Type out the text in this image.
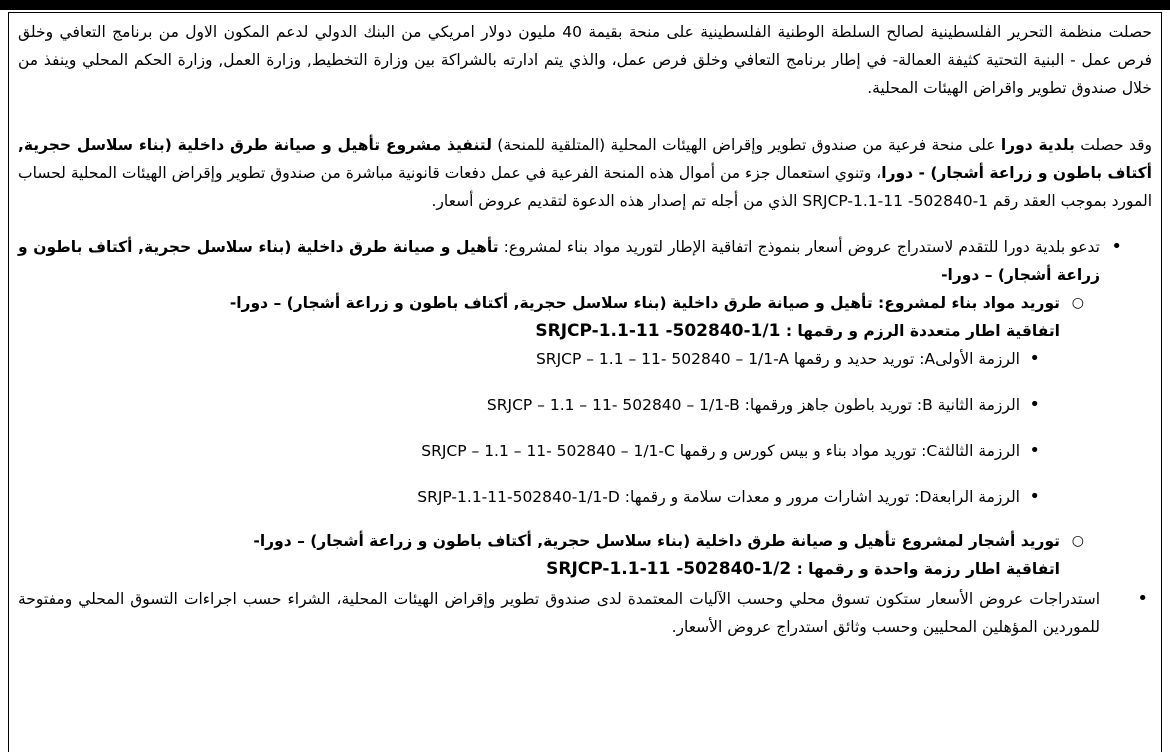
حصلت منظمة التحرير الفلسطينية لصالح السلطة الوطنية الفلسطينية على منحة بقيمة 40 مليون دولار امريكي من البنك الدولي لدعم المكون الاول من برنامج التعافي وخلق فرص عمل - البنية التحتية كثيفة العمالة- في إطار برنامج التعافي وخلق فرص عمل، والذي يتم ادارته بالشراكة بين وزارة التخطيط, وزارة العمل, وزارة الحكم المحلي وينفذ من خلال صندوق تطوير واقراض الهيئات المحلية.

وقد حصلت بلدية دورا على منحة فرعية من صندوق تطوير وإقراض الهيئات المحلية (المتلقية للمنحة) لتنفيذ مشروع تأهيل و صيانة طرق داخلية (بناء سلاسل حجرية, أكتاف باطون و زراعة أشجار) - دورا، وتنوي استعمال جزء من أموال هذه المنحة الفرعية في عمل دفعات قانونية مباشرة من صندوق تطوير وإقراض الهيئات المحلية لحساب المورد بموجب العقد رقم SRJCP-1.1-11 -502840-1 الذي من أجله تم إصدار هذه الدعوة لتقديم عروض أسعار.

• تدعو بلدية دورا للتقدم لاستدراج عروض أسعار بنموذج اتفاقية الإطار لتوريد مواد بناء لمشروع: تأهيل و صيانة طرق داخلية (بناء سلاسل حجرية, أكتاف باطون و زراعة أشجار) – دورا-
○ توريد مواد بناء لمشروع: تأهيل و صيانة طرق داخلية (بناء سلاسل حجرية, أكتاف باطون و زراعة أشجار) – دورا-
اتفاقية اطار متعددة الرزم و رقمها : SRJCP-1.1-11 -502840-1/1
• الرزمة الأولىA: توريد حديد و رقمها SRJCP – 1.1 – 11- 502840 – 1/1-A
• الرزمة الثانية B: توريد باطون جاهز ورقمها: SRJCP – 1.1 – 11- 502840 – 1/1-B
• الرزمة الثالثةC: توريد مواد بناء و بيس كورس و رقمها SRJCP – 1.1 – 11- 502840 – 1/1-C
• الرزمة الرابعةD: توريد اشارات مرور و معدات سلامة و رقمها: SRJP-1.1-11-502840-1/1-D
○ توريد أشجار لمشروع تأهيل و صيانة طرق داخلية (بناء سلاسل حجرية, أكتاف باطون و زراعة أشجار) – دورا-
اتفاقية اطار رزمة واحدة و رقمها : SRJCP-1.1-11 -502840-1/2
• استدراجات عروض الأسعار ستكون تسوق محلي وحسب الآليات المعتمدة لدى صندوق تطوير وإقراض الهيئات المحلية، الشراء حسب اجراءات التسوق المحلي ومفتوحة للموردين المؤهلين المحليين وحسب وثائق استدراج عروض الأسعار.
